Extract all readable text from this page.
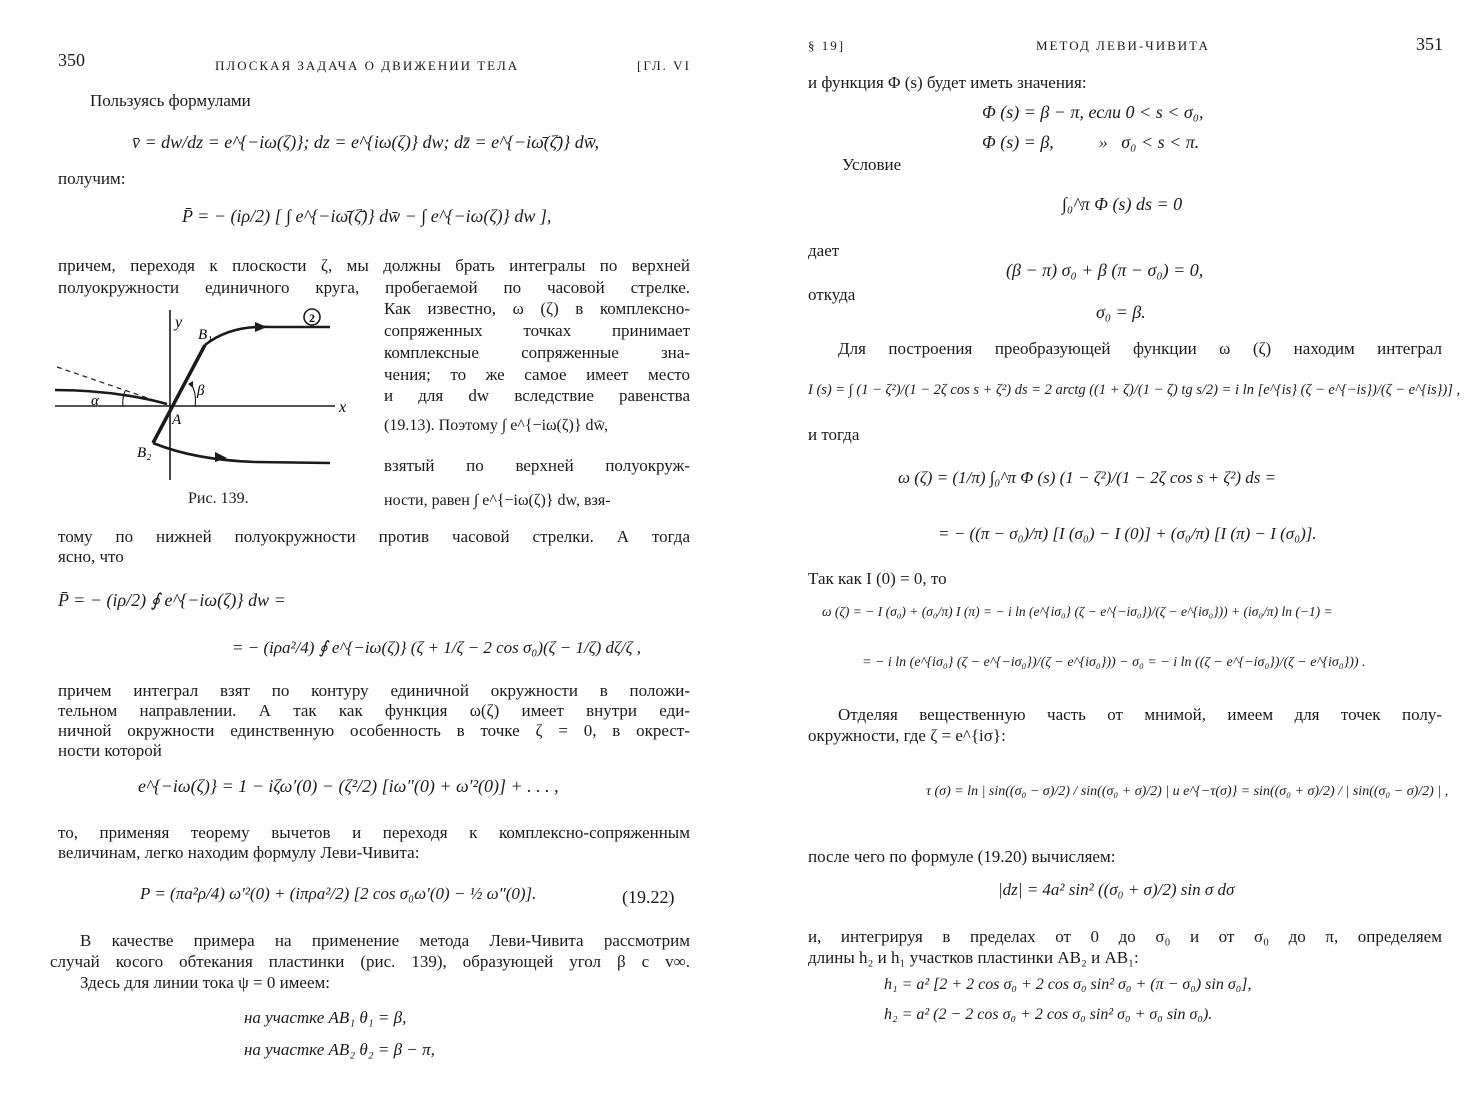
350	ПЛОСКАЯ ЗАДАЧА О ДВИЖЕНИИ ТЕЛА	[ГЛ. VI
Пользуясь формулами
v̄ = dw/dz = e^{−iω(ζ)}; dz = e^{iω(ζ)} dw; dz̄ = e^{−iω̄(ζ̄)} dw̄,
получим:
P̄ = − (iρ/2) [ ∫ e^{−iω̄(ζ̄)} dw̄ − ∫ e^{−iω(ζ)} dw ],
причем, переходя к плоскости ζ, мы должны брать интегралы по верхней
полуокружности единичного круга, пробегаемой по часовой стрелке.
2
y
x
B₁
B₂
A
α
β
Рис. 139.
Как известно, ω (ζ) в комплексно-
сопряженных точках принимает
комплексные сопряженные зна-
чения; то же самое имеет место
и для dw вследствие равенства
(19.13). Поэтому ∫ e^{−iω(ζ)} dw̄,
взятый по верхней полуокруж-
ности, равен ∫ e^{−iω(ζ)} dw, взя-
тому по нижней полуокружности против часовой стрелки. А тогда
ясно, что
P̄ = − (iρ/2) ∮ e^{−iω(ζ)} dw =
= − (iρa²/4) ∮ e^{−iω(ζ)} (ζ + 1/ζ − 2 cos σ₀)(ζ − 1/ζ) dζ/ζ ,
причем интеграл взят по контуру единичной окружности в положи-
тельном направлении. А так как функция ω(ζ) имеет внутри еди-
ничной окружности единственную особенность в точке ζ = 0, в окрест-
ности которой
e^{−iω(ζ)} = 1 − iζω′(0) − (ζ²/2) [iω″(0) + ω′²(0)] + . . . ,
то, применяя теорему вычетов и переходя к комплексно-сопряженным
величинам, легко находим формулу Леви-Чивита:
P = (πa²ρ/4) ω′²(0) + (iπρa²/2) [2 cos σ₀ω′(0) − ½ ω″(0)].	(19.22)
В качестве примера на применение метода Леви-Чивита рассмотрим
случай косого обтекания пластинки (рис. 139), образующей угол β с v∞.
Здесь для линии тока ψ = 0 имеем:
на участке AB₁ θ₁ = β,
на участке AB₂ θ₂ = β − π,
§ 19]	МЕТОД ЛЕВИ-ЧИВИТА	351
и функция Φ (s) будет иметь значения:
Φ (s) = β − π, если 0 < s < σ₀,
Φ (s) = β,          »   σ₀ < s < π.
Условие
∫₀^π Φ (s) ds = 0
дает
(β − π) σ₀ + β (π − σ₀) = 0,
откуда
σ₀ = β.
Для построения преобразующей функции ω (ζ) находим интеграл
I (s) = ∫ (1 − ζ²)/(1 − 2ζ cos s + ζ²) ds = 2 arctg ((1 + ζ)/(1 − ζ) tg s/2) = i ln [e^{is} (ζ − e^{−is})/(ζ − e^{is})] ,
и тогда
ω (ζ) = (1/π) ∫₀^π Φ (s) (1 − ζ²)/(1 − 2ζ cos s + ζ²) ds =
= − ((π − σ₀)/π) [I (σ₀) − I (0)] + (σ₀/π) [I (π) − I (σ₀)].
Так как I (0) = 0, то
ω (ζ) = − I (σ₀) + (σ₀/π) I (π) = − i ln (e^{iσ₀} (ζ − e^{−iσ₀})/(ζ − e^{iσ₀})) + (iσ₀/π) ln (−1) =
= − i ln (e^{iσ₀} (ζ − e^{−iσ₀})/(ζ − e^{iσ₀})) − σ₀ = − i ln ((ζ − e^{−iσ₀})/(ζ − e^{iσ₀})) .
Отделяя вещественную часть от мнимой, имеем для точек полу-
окружности, где ζ = e^{iσ}:
τ (σ) = ln | sin((σ₀ − σ)/2) / sin((σ₀ + σ)/2) | и e^{−τ(σ)} = sin((σ₀ + σ)/2) / | sin((σ₀ − σ)/2) | ,
после чего по формуле (19.20) вычисляем:
|dz| = 4a² sin² ((σ₀ + σ)/2) sin σ dσ
и, интегрируя в пределах от 0 до σ₀ и от σ₀ до π, определяем
длины h₂ и h₁ участков пластинки AB₂ и AB₁:
h₁ = a² [2 + 2 cos σ₀ + 2 cos σ₀ sin² σ₀ + (π − σ₀) sin σ₀],
h₂ = a² (2 − 2 cos σ₀ + 2 cos σ₀ sin² σ₀ + σ₀ sin σ₀).
